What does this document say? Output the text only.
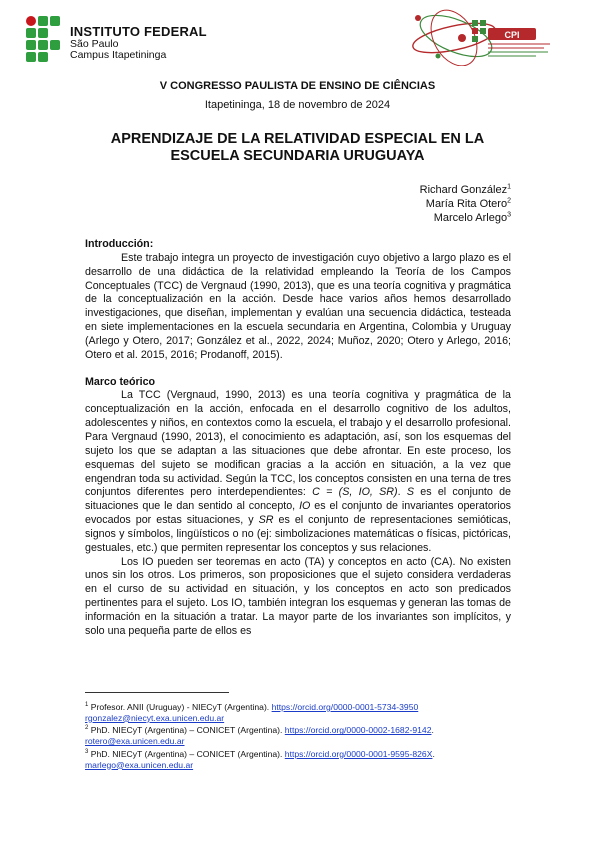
INSTITUTO FEDERAL
São Paulo
Campus Itapetininga
CPI
V CONGRESSO PAULISTA DE ENSINO DE CIÊNCIAS
Itapetininga, 18 de novembro de 2024
APRENDIZAJE DE LA RELATIVIDAD ESPECIAL EN LA
ESCUELA SECUNDARIA URUGUAYA
Richard González$^1$
María Rita Otero$^2$
Marcelo Arlego$^3$

Introducción:

Este trabajo integra un proyecto de investigación cuyo objetivo a largo plazo es el desarrollo de una didáctica de la relatividad empleando la Teoría de los Campos Conceptuales (TCC) de Vergnaud (1990, 2013), que es una teoría cognitiva y pragmática de la conceptualización en la acción. Desde hace varios años hemos desarrollado investigaciones, que diseñan, implementan y evalúan una secuencia didáctica, testeada en siete implementaciones en la escuela secundaria en Argentina, Colombia y Uruguay (Arlego y Otero, 2017; González et al., 2022, 2024; Muñoz, 2020; Otero y Arlego, 2016; Otero et al. 2015, 2016; Prodanoff, 2015).

Marco teórico

La TCC (Vergnaud, 1990, 2013) es una teoría cognitiva y pragmática de la conceptualización en la acción, enfocada en el desarrollo cognitivo de los adultos, adolescentes y niños, en contextos como la escuela, el trabajo y el desarrollo profesional. Para Vergnaud (1990, 2013), el conocimiento es adaptación, así, son los esquemas del sujeto los que se adaptan a las situaciones que debe afrontar. En este proceso, los esquemas del sujeto se modifican gracias a la acción en situación, a la vez que engendran toda su actividad. Según la TCC, los conceptos consisten en una terna de tres conjuntos diferentes pero interdependientes: C = (S, IO, SR). S es el conjunto de situaciones que le dan sentido al concepto, IO es el conjunto de invariantes operatorios evocados por estas situaciones, y SR es el conjunto de representaciones semióticas, signos y símbolos, lingüísticos o no (ej: simbolizaciones matemáticas o físicas, pictóricas, gestuales, etc.) que permiten representar los conceptos y sus relaciones.

Los IO pueden ser teoremas en acto (TA) y conceptos en acto (CA). No existen unos sin los otros. Los primeros, son proposiciones que el sujeto considera verdaderas en el curso de su actividad en situación, y los conceptos en acto son predicados pertinentes para el sujeto. Los IO, también integran los esquemas y generan las tomas de información en la situación a tratar. La mayor parte de los invariantes son implícitos, y solo una pequeña parte de ellos es

$^1$ Profesor. ANII (Uruguay) - NIECyT (Argentina). https://orcid.org/0000-0001-5734-3950
rgonzalez@niecyt.exa.unicen.edu.ar

$^2$ PhD. NIECyT (Argentina) – CONICET (Argentina). https://orcid.org/0000-0002-1682-9142.
rotero@exa.unicen.edu.ar

$^3$ PhD. NIECyT (Argentina) – CONICET (Argentina). https://orcid.org/0000-0001-9595-826X.
marlego@exa.unicen.edu.ar
